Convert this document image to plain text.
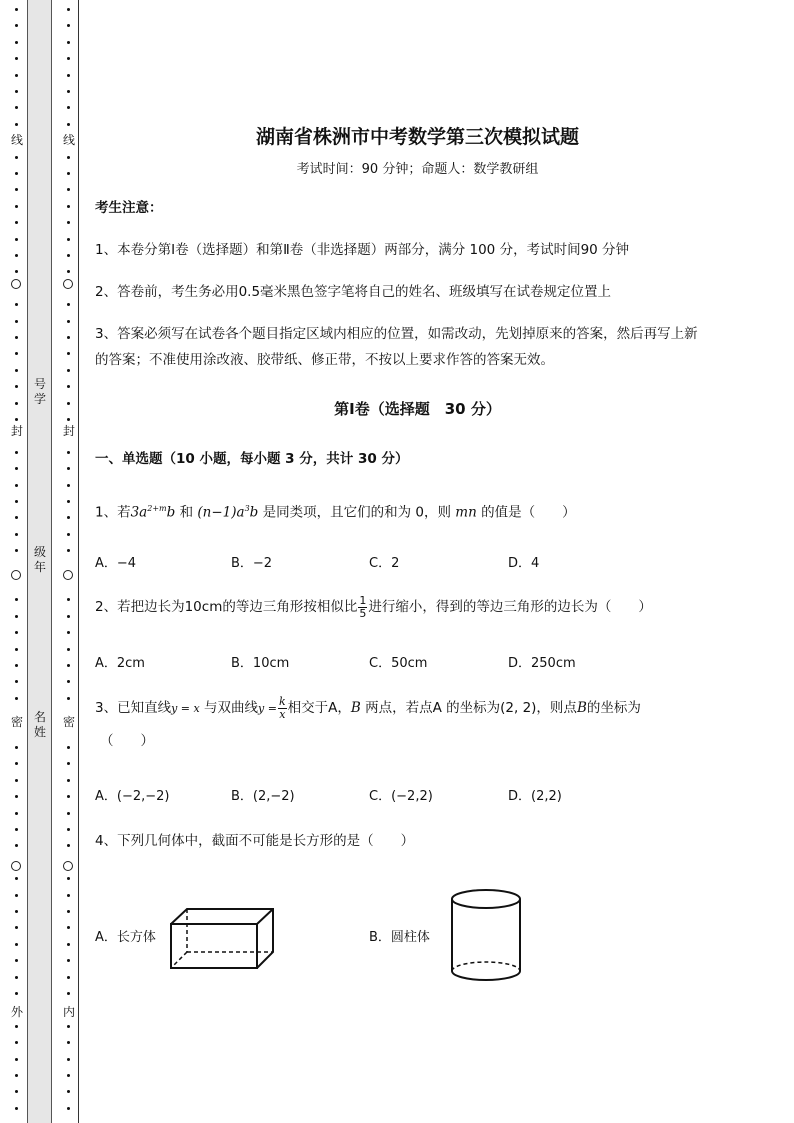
线
封
密
外
线
封
密
内
号学
级年
名姓
湖南省株洲市中考数学第三次模拟试题
考试时间：90 分钟；命题人：数学教研组
考生注意：
1、本卷分第Ⅰ卷（选择题）和第Ⅱ卷（非选择题）两部分，满分 100 分，考试时间90 分钟
2、答卷前，考生务必用0.5毫米黑色签字笔将自己的姓名、班级填写在试卷规定位置上
3、答案必须写在试卷各个题目指定区域内相应的位置，如需改动，先划掉原来的答案，然后再写上新
的答案；不准使用涂改液、胶带纸、修正带，不按以上要求作答的答案无效。
第Ⅰ卷（选择题　30 分）
一、单选题（10 小题，每小题 3 分，共计 30 分）
1、若$3a^{2+m}b$ 和 $(n-1)a^3b$ 是同类项，且它们的和为 0，则 mn 的值是（　　）
A．−4	B．−2	C．2	D．4
2、若把边长为10cm的等边三角形按相似比 $\frac{1}{5}$ 进行缩小，得到的等边三角形的边长为（　　）
A．2cm	B．10cm	C．50cm	D．250cm
3、已知直线y = x 与双曲线$y = \frac{k}{x}$ 相交于A，B 两点，若点A 的坐标为(2, 2)，则点B的坐标为
（　　）
A．(−2,−2)	B．(2,−2)	C．(−2,2)	D．(2,2)
4、下列几何体中，截面不可能是长方形的是（　　）
A．长方体	B．圆柱体
